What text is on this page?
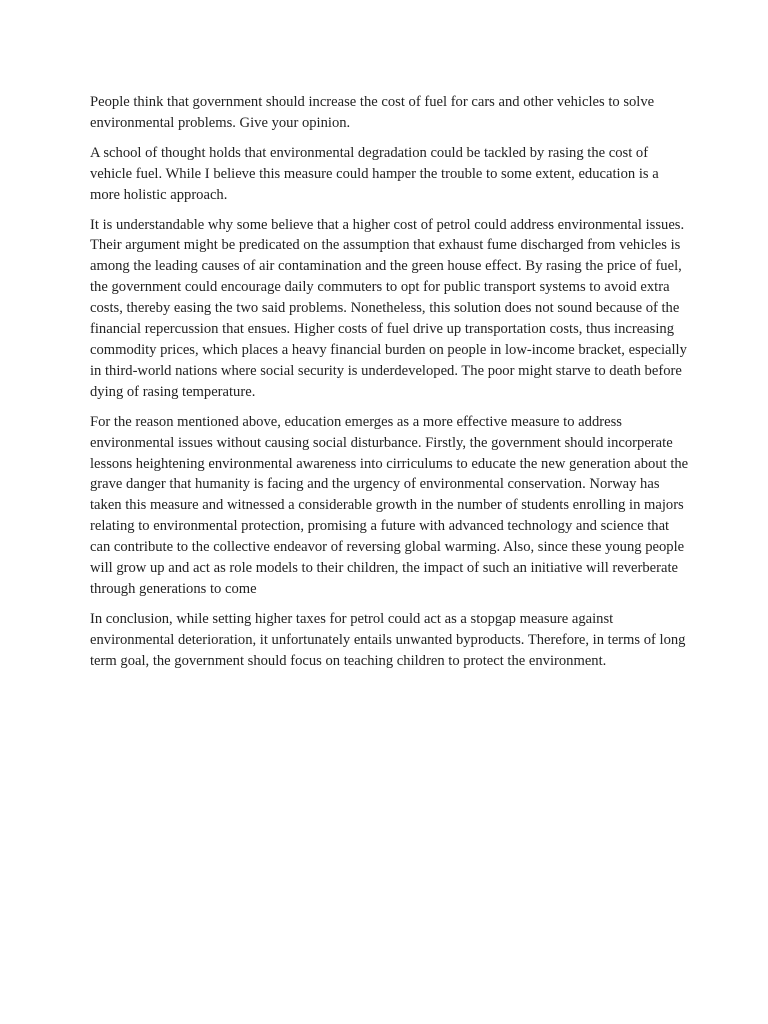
People think that government should increase the cost of fuel for cars and other vehicles to solve environmental problems. Give your opinion.

A school of thought holds that environmental degradation could be tackled by rasing the cost of vehicle fuel. While I believe this measure could hamper the trouble to some extent, education is a more holistic approach.

It is understandable why some believe that a higher cost of petrol could address environmental issues. Their argument might be predicated on the assumption that exhaust fume discharged from vehicles is among the leading causes of air contamination and the green house effect. By rasing the price of fuel, the government could encourage daily commuters to opt for public transport systems to avoid extra costs, thereby easing the two said problems. Nonetheless, this solution does not sound because of the financial repercussion that ensues. Higher costs of fuel drive up transportation costs, thus increasing commodity prices, which places a heavy financial burden on people in low-income bracket, especially in third-world nations where social security is underdeveloped. The poor might starve to death before dying of rasing temperature.

For the reason mentioned above, education emerges as a more effective measure to address environmental issues without causing social disturbance. Firstly, the government should incorperate lessons heightening environmental awareness into cirriculums to educate the new generation about the grave danger that humanity is facing and the urgency of environmental conservation. Norway has taken this measure and witnessed a considerable growth in the number of students enrolling in majors relating to environmental protection, promising a future with advanced technology and science that can contribute to the collective endeavor of reversing global warming. Also, since these young people will grow up and act as role models to their children, the impact of such an initiative will reverberate through generations to come

In conclusion, while setting higher taxes for petrol could act as a stopgap measure against environmental deterioration, it unfortunately entails unwanted byproducts. Therefore, in terms of long term goal, the government should focus on teaching children to protect the environment.
